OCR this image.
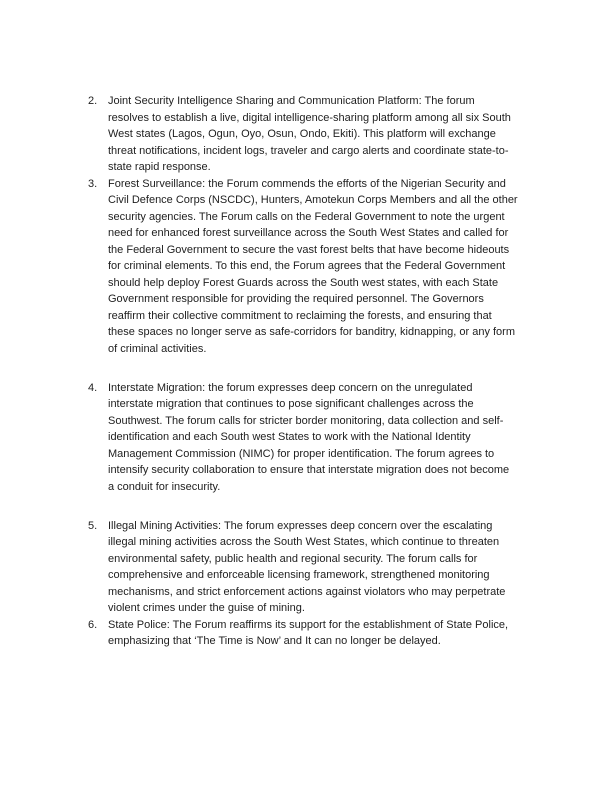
2. Joint Security Intelligence Sharing and Communication Platform: The forum
resolves to establish a live, digital intelligence-sharing platform among all six South
West states (Lagos, Ogun, Oyo, Osun, Ondo, Ekiti). This platform will exchange
threat notifications, incident logs, traveler and cargo alerts and coordinate state-to-
state rapid response.
3. Forest Surveillance: the Forum commends the efforts of the Nigerian Security and
Civil Defence Corps (NSCDC), Hunters, Amotekun Corps Members and all the other
security agencies. The Forum calls on the Federal Government to note the urgent
need for enhanced forest surveillance across the South West States and called for
the Federal Government to secure the vast forest belts that have become hideouts
for criminal elements. To this end, the Forum agrees that the Federal Government
should help deploy Forest Guards across the South west states, with each State
Government responsible for providing the required personnel. The Governors
reaffirm their collective commitment to reclaiming the forests, and ensuring that
these spaces no longer serve as safe-corridors for banditry, kidnapping, or any form
of criminal activities.
4. Interstate Migration: the forum expresses deep concern on the unregulated
interstate migration that continues to pose significant challenges across the
Southwest. The forum calls for stricter border monitoring, data collection and self-
identification and each South west States to work with the National Identity
Management Commission (NIMC) for proper identification. The forum agrees to
intensify security collaboration to ensure that interstate migration does not become
a conduit for insecurity.
5. Illegal Mining Activities: The forum expresses deep concern over the escalating
illegal mining activities across the South West States, which continue to threaten
environmental safety, public health and regional security. The forum calls for
comprehensive and enforceable licensing framework, strengthened monitoring
mechanisms, and strict enforcement actions against violators who may perpetrate
violent crimes under the guise of mining.
6. State Police: The Forum reaffirms its support for the establishment of State Police,
emphasizing that ‘The Time is Now’ and It can no longer be delayed.
